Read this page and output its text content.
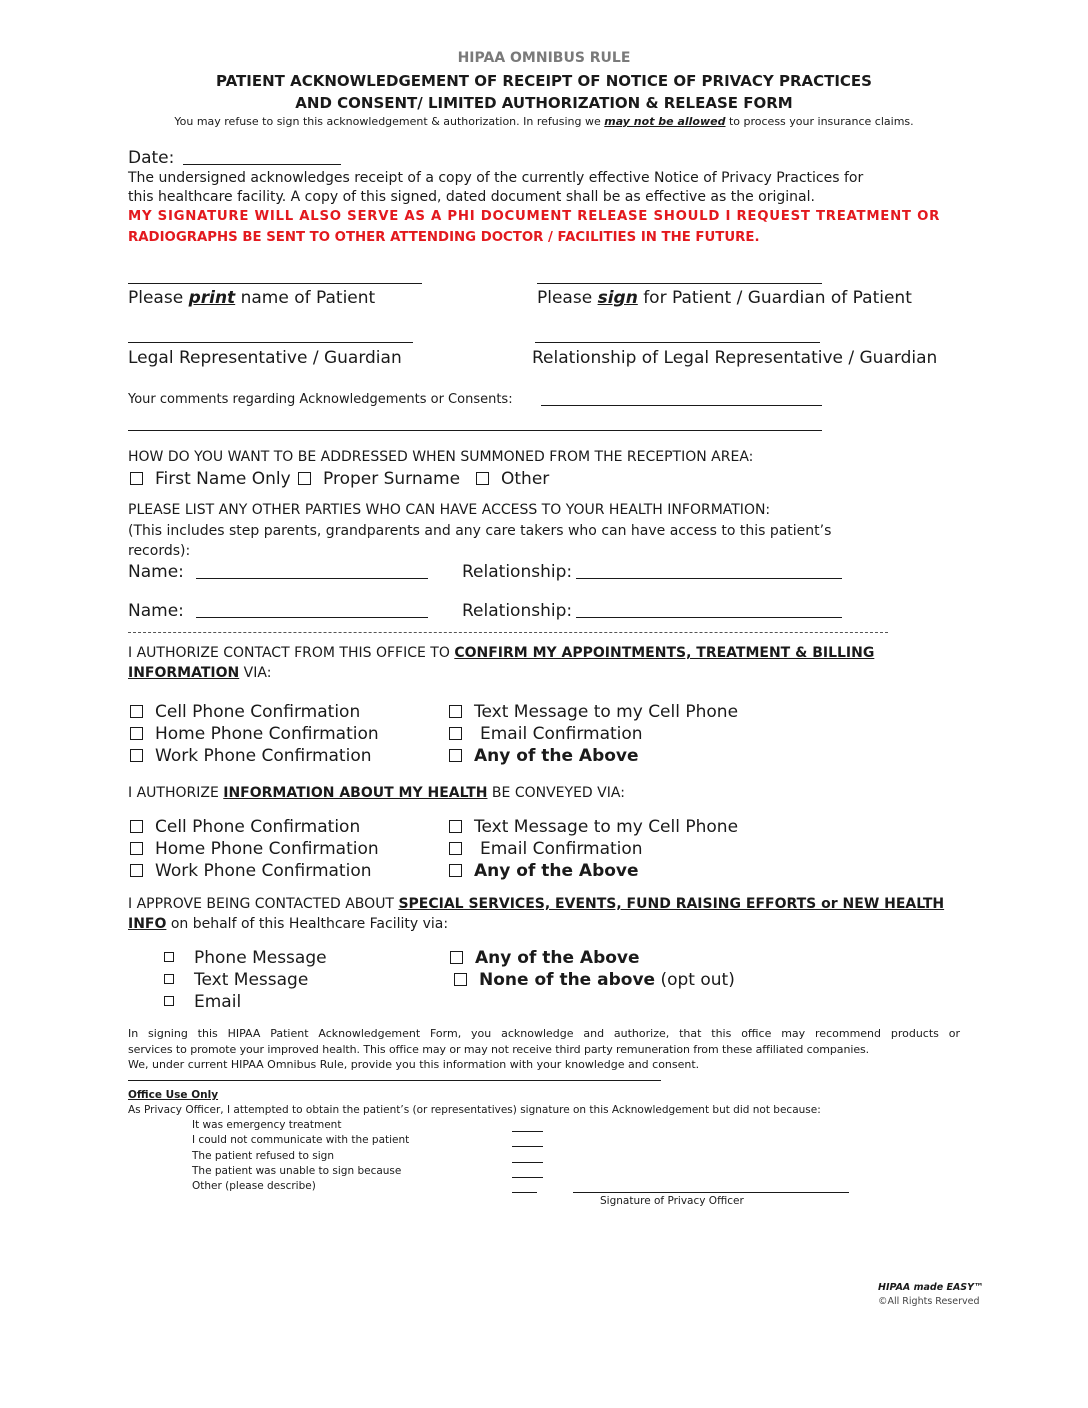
HIPAA OMNIBUS RULE
PATIENT ACKNOWLEDGEMENT OF RECEIPT OF NOTICE OF PRIVACY PRACTICES
AND CONSENT/ LIMITED AUTHORIZATION & RELEASE FORM
You may refuse to sign this acknowledgement & authorization. In refusing we may not be allowed to process your insurance claims.
Date:
The undersigned acknowledges receipt of a copy of the currently effective Notice of Privacy Practices for
this healthcare facility. A copy of this signed, dated document shall be as effective as the original.
MY SIGNATURE WILL ALSO SERVE AS A PHI DOCUMENT RELEASE SHOULD I REQUEST TREATMENT OR
RADIOGRAPHS BE SENT TO OTHER ATTENDING DOCTOR / FACILITIES IN THE FUTURE.
Please print name of Patient	Please sign for Patient / Guardian of Patient
Legal Representative / Guardian	Relationship of Legal Representative / Guardian
Your comments regarding Acknowledgements or Consents:
HOW DO YOU WANT TO BE ADDRESSED WHEN SUMMONED FROM THE RECEPTION AREA:
First Name Only	Proper Surname	Other
PLEASE LIST ANY OTHER PARTIES WHO CAN HAVE ACCESS TO YOUR HEALTH INFORMATION:
(This includes step parents, grandparents and any care takers who can have access to this patient’s
records):
Name:	Relationship:
Name:	Relationship:
I AUTHORIZE CONTACT FROM THIS OFFICE TO CONFIRM MY APPOINTMENTS, TREATMENT & BILLING
INFORMATION VIA:
Cell Phone Confirmation
Home Phone Confirmation
Work Phone Confirmation
Text Message to my Cell Phone
Email Confirmation
Any of the Above
I AUTHORIZE INFORMATION ABOUT MY HEALTH BE CONVEYED VIA:
Cell Phone Confirmation
Home Phone Confirmation
Work Phone Confirmation
Text Message to my Cell Phone
Email Confirmation
Any of the Above
I APPROVE BEING CONTACTED ABOUT SPECIAL SERVICES, EVENTS, FUND RAISING EFFORTS or NEW HEALTH
INFO on behalf of this Healthcare Facility via:
Phone Message
Text Message
Email
Any of the Above
None of the above (opt out)
In signing this HIPAA Patient Acknowledgement Form, you acknowledge and authorize, that this office may recommend products or
services to promote your improved health. This office may or may not receive third party remuneration from these affiliated companies.
We, under current HIPAA Omnibus Rule, provide you this information with your knowledge and consent.
Office Use Only
As Privacy Officer, I attempted to obtain the patient’s (or representatives) signature on this Acknowledgement but did not because:
It was emergency treatment
I could not communicate with the patient
The patient refused to sign
The patient was unable to sign because
Other (please describe)
Signature of Privacy Officer
HIPAA made EASY™
©All Rights Reserved
